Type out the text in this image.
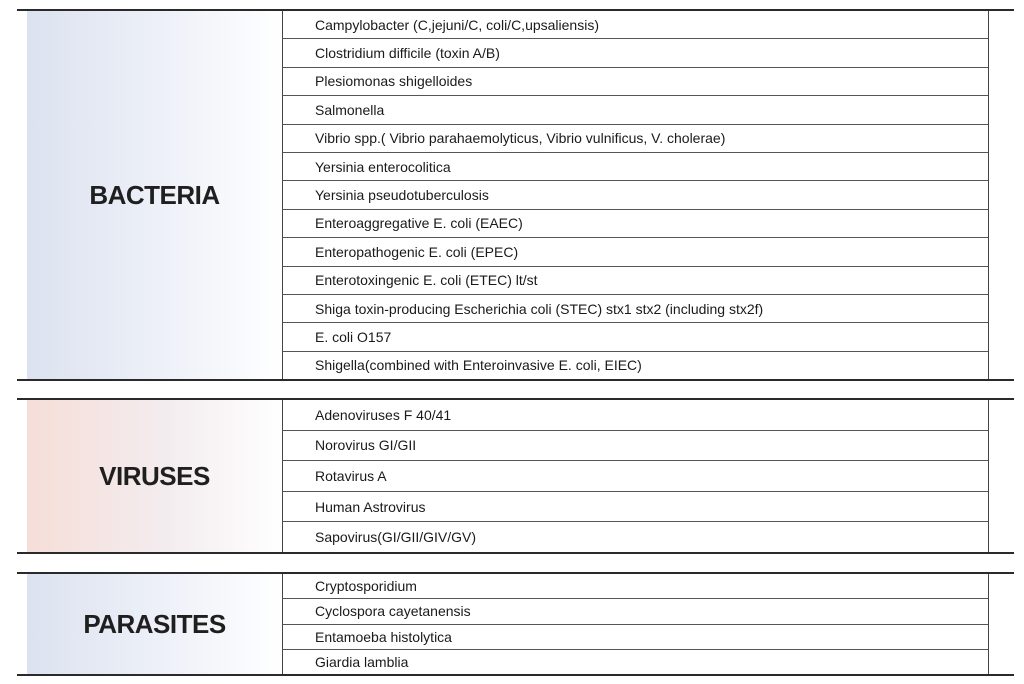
BACTERIA
Campylobacter (C,jejuni/C, coli/C,upsaliensis)
Clostridium difficile (toxin A/B)
Plesiomonas shigelloides
Salmonella
Vibrio spp.( Vibrio parahaemolyticus, Vibrio vulnificus, V. cholerae)
Yersinia enterocolitica
Yersinia pseudotuberculosis
Enteroaggregative E. coli (EAEC)
Enteropathogenic E. coli (EPEC)
Enterotoxingenic E. coli (ETEC) lt/st
Shiga toxin-producing Escherichia coli (STEC) stx1 stx2 (including stx2f)
E. coli O157
Shigella(combined with Enteroinvasive E. coli, EIEC)
VIRUSES
Adenoviruses F 40/41
Norovirus GI/GII
Rotavirus A
Human Astrovirus
Sapovirus(GI/GII/GIV/GV)
PARASITES
Cryptosporidium
Cyclospora cayetanensis
Entamoeba histolytica
Giardia lamblia
